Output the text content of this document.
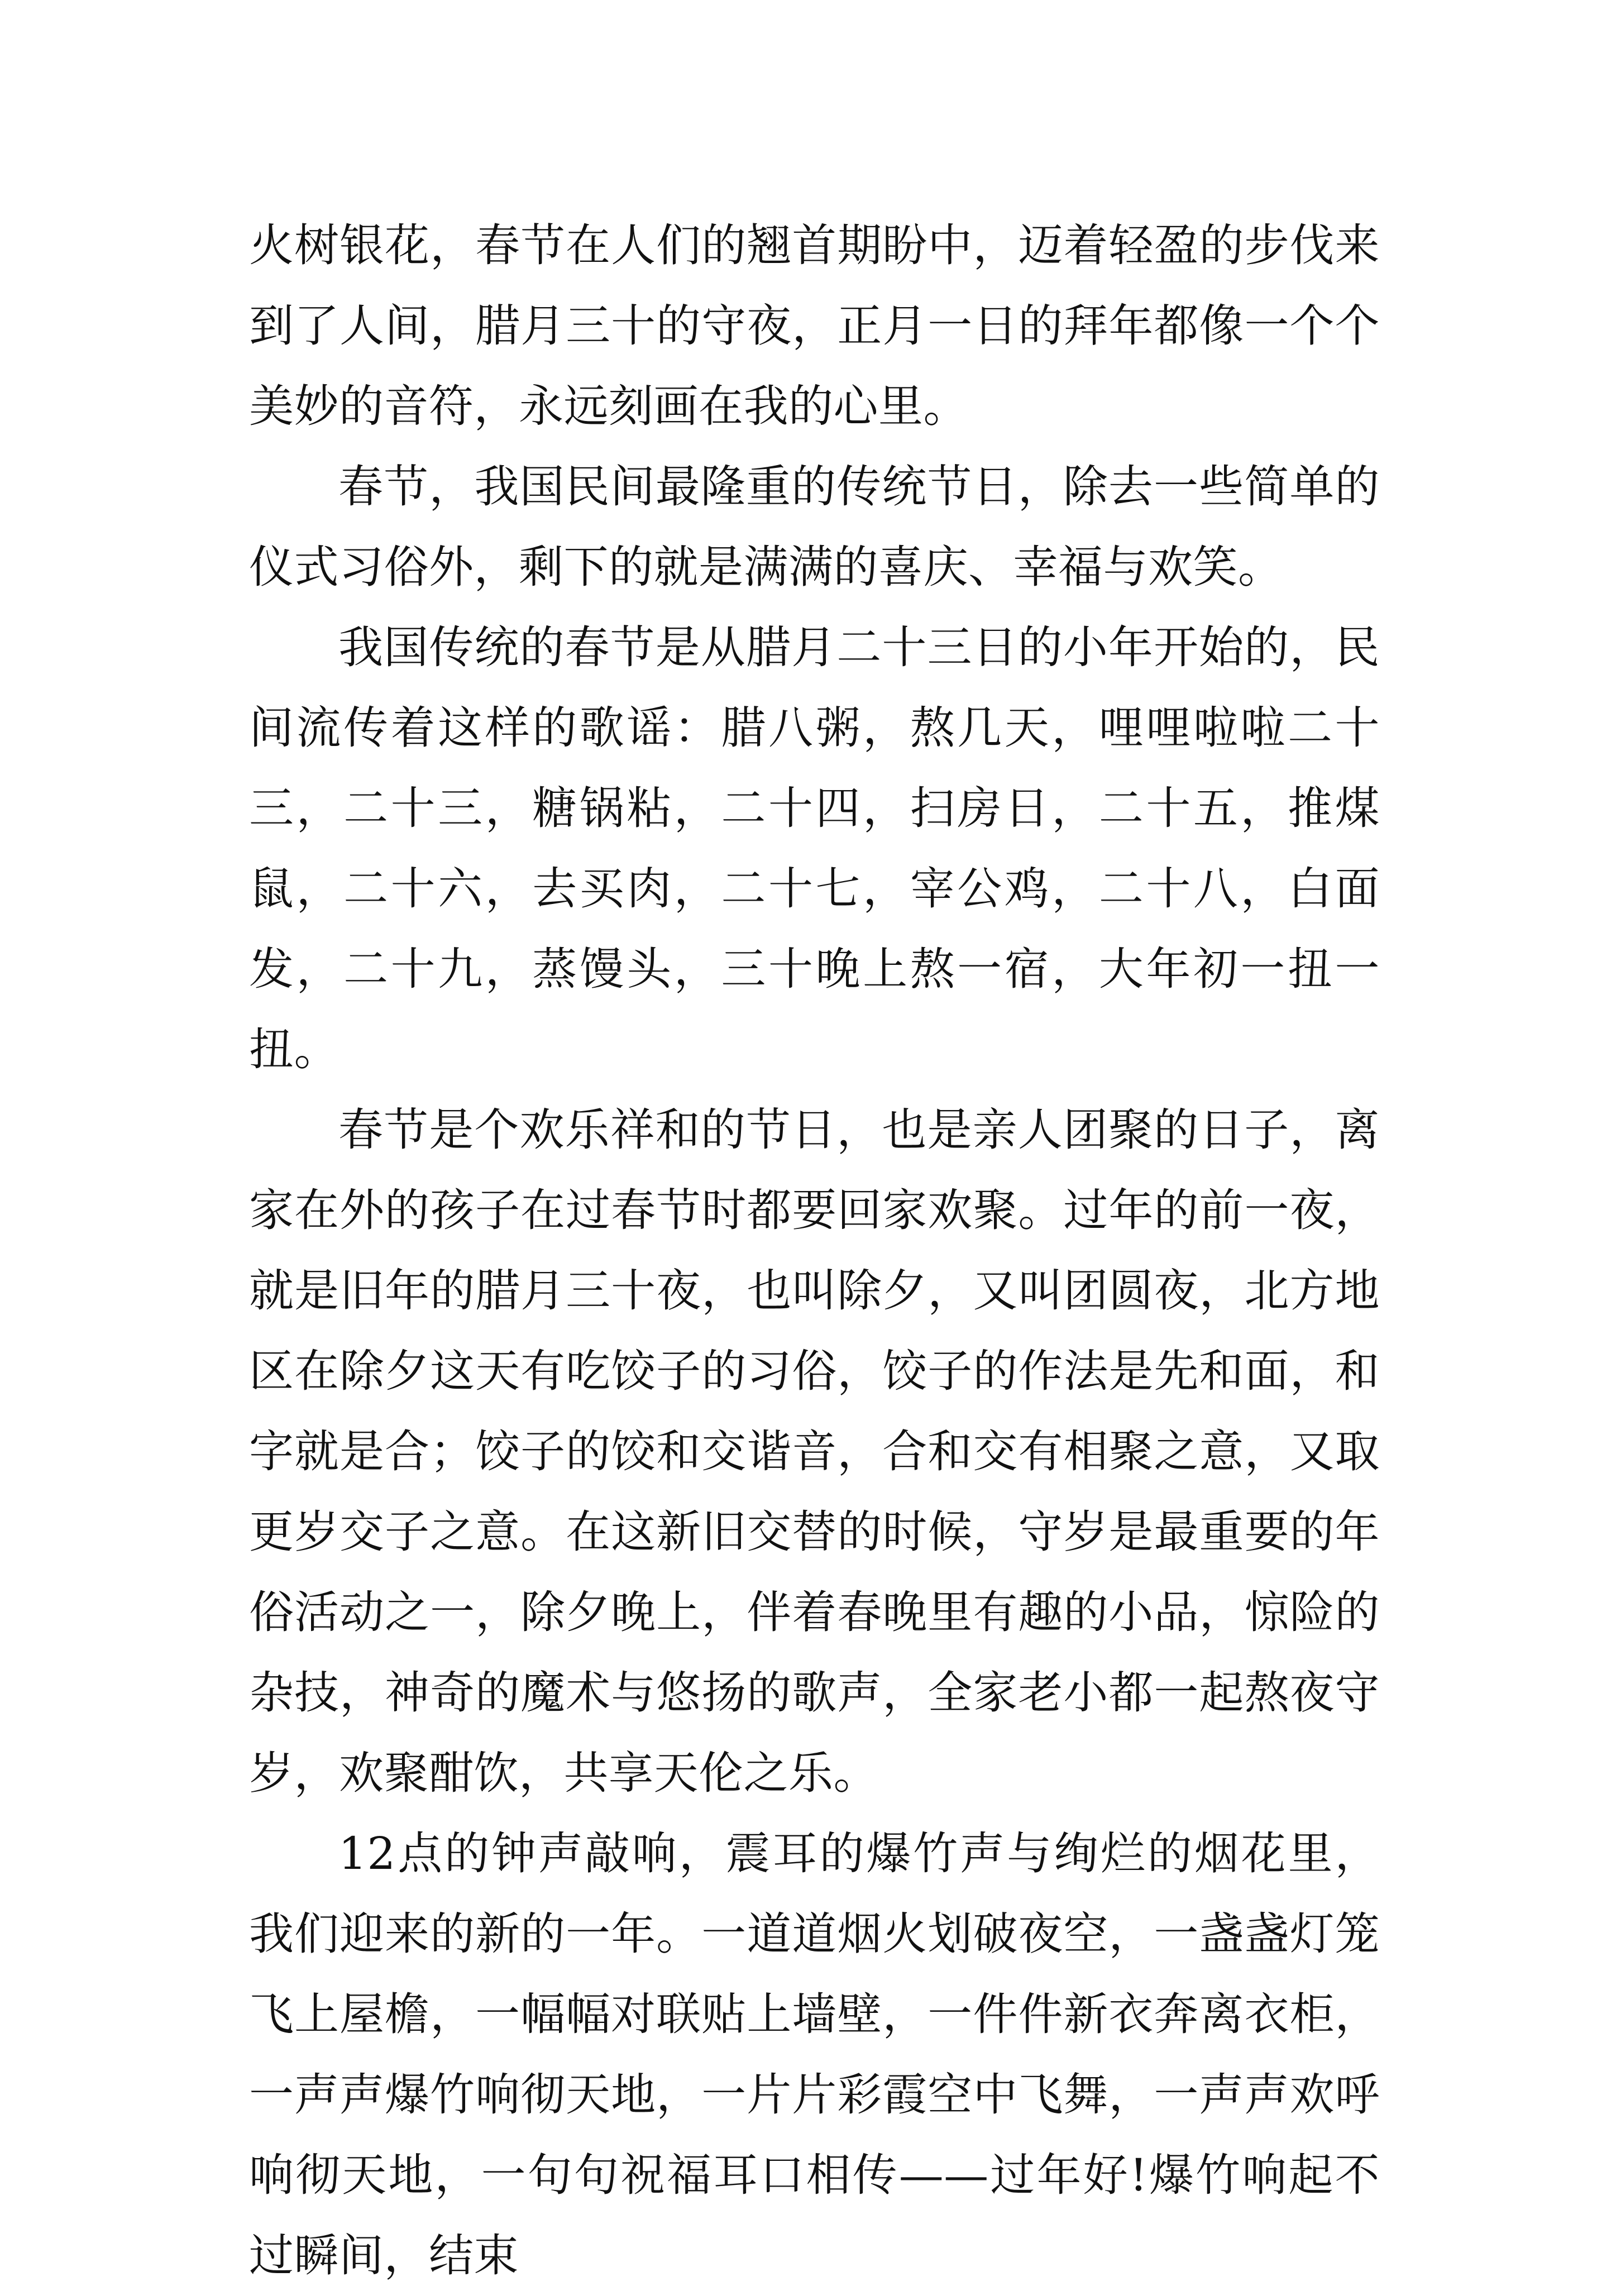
火树银花，春节在人们的翘首期盼中，迈着轻盈的步伐来到了人间，腊月三十的守夜，正月一日的拜年都像一个个美妙的音符，永远刻画在我的心里。

春节，我国民间最隆重的传统节日，除去一些简单的仪式习俗外，剩下的就是满满的喜庆、幸福与欢笑。

我国传统的春节是从腊月二十三日的小年开始的，民间流传着这样的歌谣：腊八粥，熬几天，哩哩啦啦二十三，二十三，糖锅粘，二十四，扫房日，二十五，推煤鼠，二十六，去买肉，二十七，宰公鸡，二十八，白面发，二十九，蒸馒头，三十晚上熬一宿，大年初一扭一扭。

春节是个欢乐祥和的节日，也是亲人团聚的日子，离家在外的孩子在过春节时都要回家欢聚。过年的前一夜，就是旧年的腊月三十夜，也叫除夕，又叫团圆夜，北方地区在除夕这天有吃饺子的习俗，饺子的作法是先和面，和字就是合；饺子的饺和交谐音，合和交有相聚之意，又取更岁交子之意。在这新旧交替的时候，守岁是最重要的年俗活动之一，除夕晚上，伴着春晚里有趣的小品，惊险的杂技，神奇的魔术与悠扬的歌声，全家老小都一起熬夜守岁，欢聚酣饮，共享天伦之乐。

12点的钟声敲响，震耳的爆竹声与绚烂的烟花里，我们迎来的新的一年。一道道烟火划破夜空，一盏盏灯笼飞上屋檐，一幅幅对联贴上墙壁，一件件新衣奔离衣柜，一声声爆竹响彻天地，一片片彩霞空中飞舞，一声声欢呼响彻天地，一句句祝福耳口相传——过年好!爆竹响起不过瞬间，结束
